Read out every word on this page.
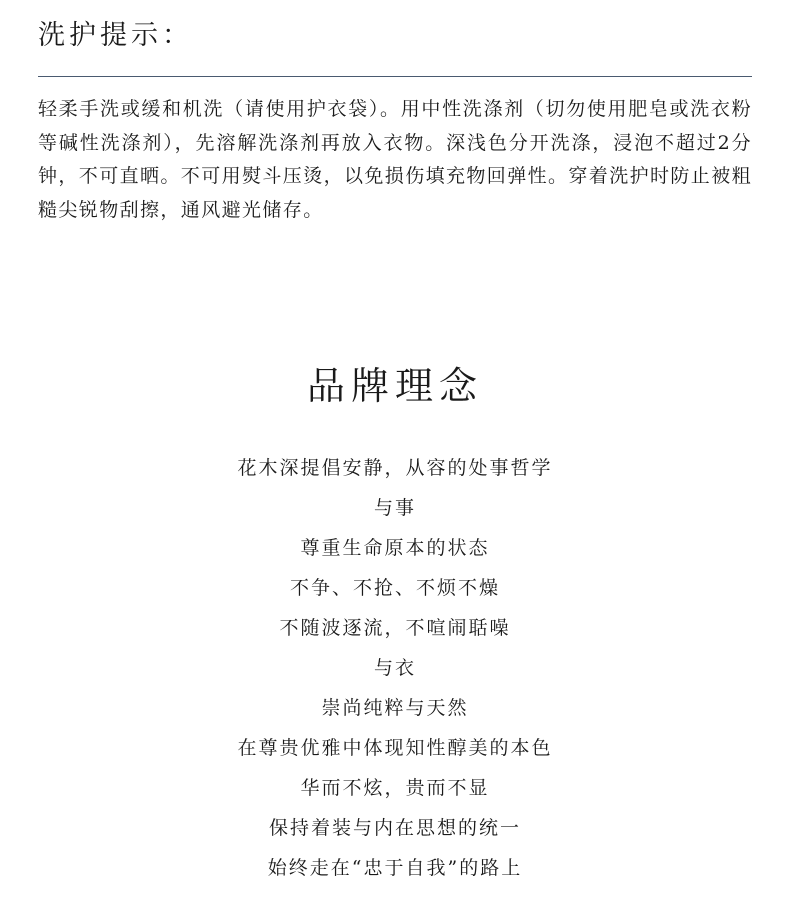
洗护提示：

轻柔手洗或缓和机洗（请使用护衣袋）。用中性洗涤剂（切勿使用肥皂或洗衣粉等碱性洗涤剂），先溶解洗涤剂再放入衣物。深浅色分开洗涤，浸泡不超过2分钟，不可直晒。不可用熨斗压烫，以免损伤填充物回弹性。穿着洗护时防止被粗糙尖锐物刮擦，通风避光储存。

品牌理念
花木深提倡安静，从容的处事哲学
与事
尊重生命原本的状态
不争、不抢、不烦不燥
不随波逐流，不喧闹聒噪
与衣
崇尚纯粹与天然
在尊贵优雅中体现知性醇美的本色
华而不炫，贵而不显
保持着装与内在思想的统一
始终走在“忠于自我”的路上
